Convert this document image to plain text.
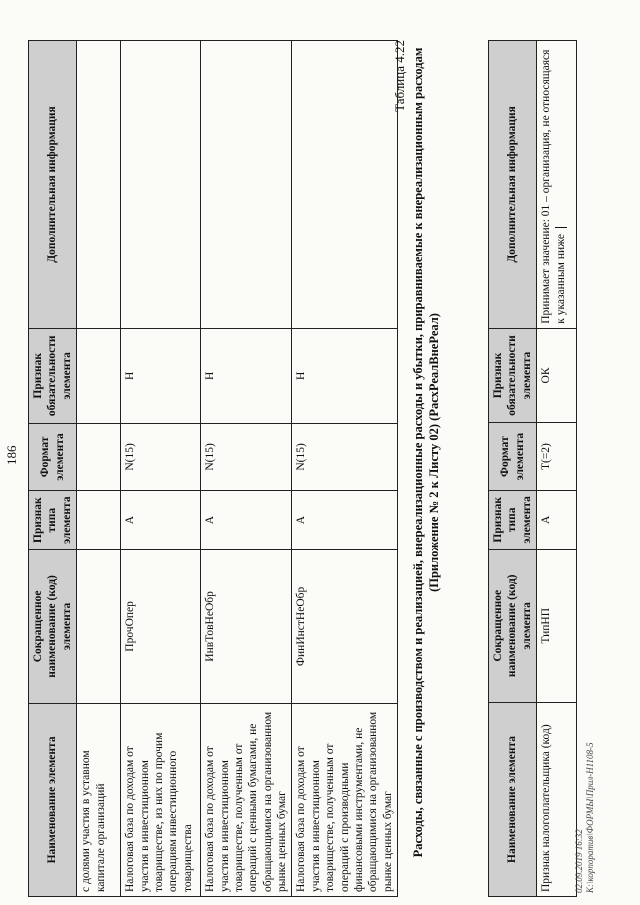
186
Наименование элемента	Сокращенное наименование (код) элемента	Признак типа элемента	Формат элемента	Признак обязательности элемента	Дополнительная информация
с долями участия в уставном капитале организаций					
Налоговая база по доходам от участия в инвестиционном товариществе, из них по прочим операциям инвестиционного товарищества	ПрочОпер	А	N(15)	Н	
Налоговая база по доходам от участия в инвестиционном товариществе, полученным от операций с ценными бумагами, не обращающимися на организованном рынке ценных бумаг	ИнвТовНеОбр	А	N(15)	Н	
Налоговая база по доходам от участия в инвестиционном товариществе, полученным от операций с производными финансовыми инструментами, не обращающимися на организованном рынке ценных бумаг	ФинИнстНеОбр	А	N(15)	Н	
Таблица 4.22 Расходы, связанные с производством и реализацией, внереализационные расходы и убытки, приравниваемые к внереализационным расходам (Приложение № 2 к Листу 02) (РасхРеалВнеРеал)
Наименование элемента	Сокращенное наименование (код) элемента	Признак типа элемента	Формат элемента	Признак обязательности элемента	Дополнительная информация
Признак налогоплательщика (код)	ТипНП	А	Т(=2)	ОК	Принимает значение: 01 – организация, не относящаяся к указанным ниже
02.09.2019 16:32 К:\корпоратив\ФОРМЫ\Прил-Н1108-5
